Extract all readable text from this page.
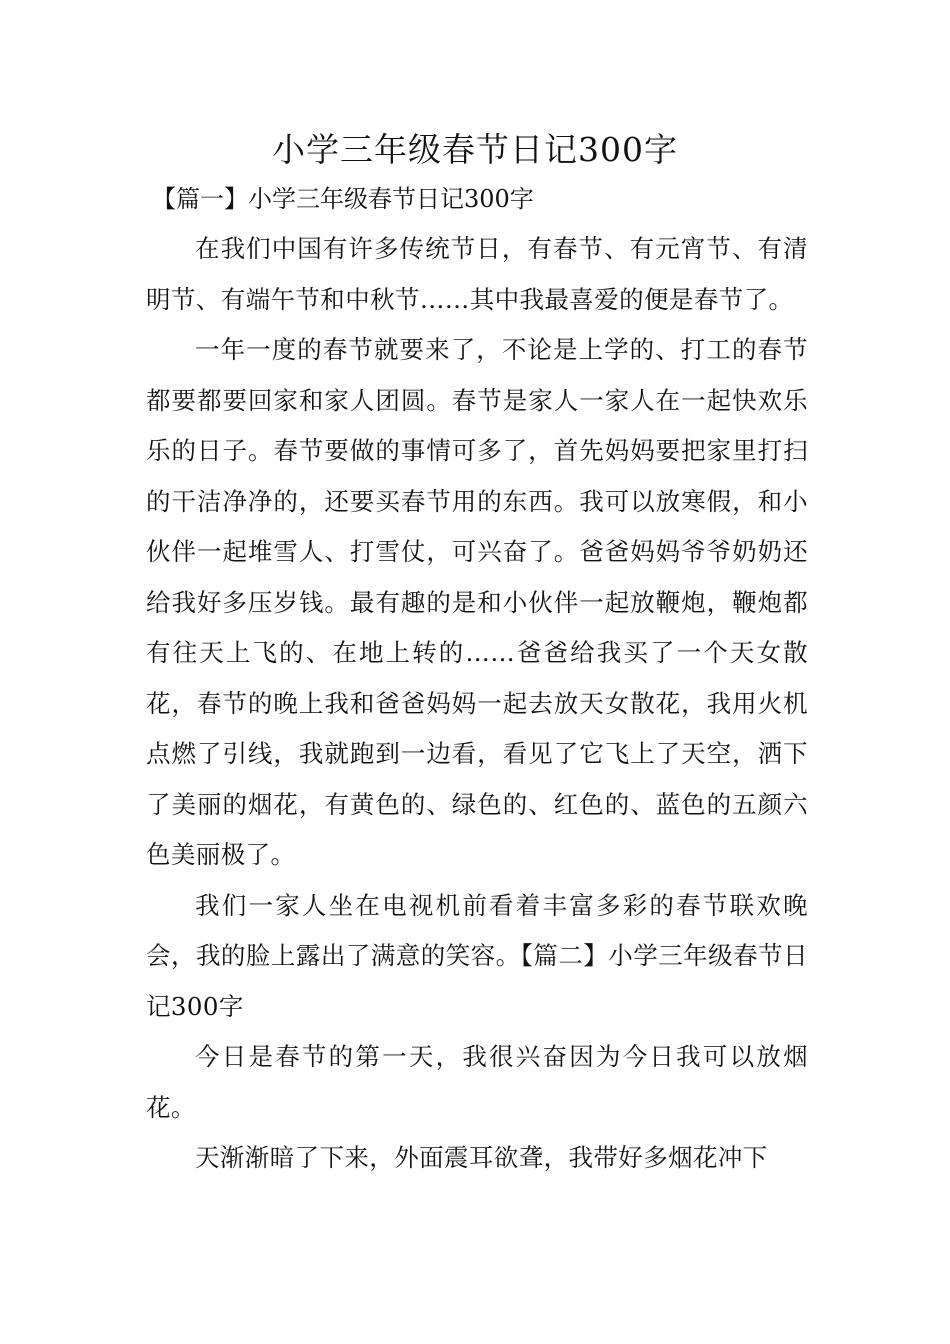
小学三年级春节日记300字

【篇一】小学三年级春节日记300字

在我们中国有许多传统节日，有春节、有元宵节、有清明节、有端午节和中秋节……其中我最喜爱的便是春节了。

一年一度的春节就要来了，不论是上学的、打工的春节都要都要回家和家人团圆。春节是家人一家人在一起快欢乐乐的日子。春节要做的事情可多了，首先妈妈要把家里打扫的干洁净净的，还要买春节用的东西。我可以放寒假，和小伙伴一起堆雪人、打雪仗，可兴奋了。爸爸妈妈爷爷奶奶还给我好多压岁钱。最有趣的是和小伙伴一起放鞭炮，鞭炮都有往天上飞的、在地上转的……爸爸给我买了一个天女散花，春节的晚上我和爸爸妈妈一起去放天女散花，我用火机点燃了引线，我就跑到一边看，看见了它飞上了天空，洒下了美丽的烟花，有黄色的、绿色的、红色的、蓝色的五颜六色美丽极了。

我们一家人坐在电视机前看着丰富多彩的春节联欢晚会，我的脸上露出了满意的笑容。【篇二】小学三年级春节日记300字

今日是春节的第一天，我很兴奋因为今日我可以放烟花。

天渐渐暗了下来，外面震耳欲聋，我带好多烟花冲下
